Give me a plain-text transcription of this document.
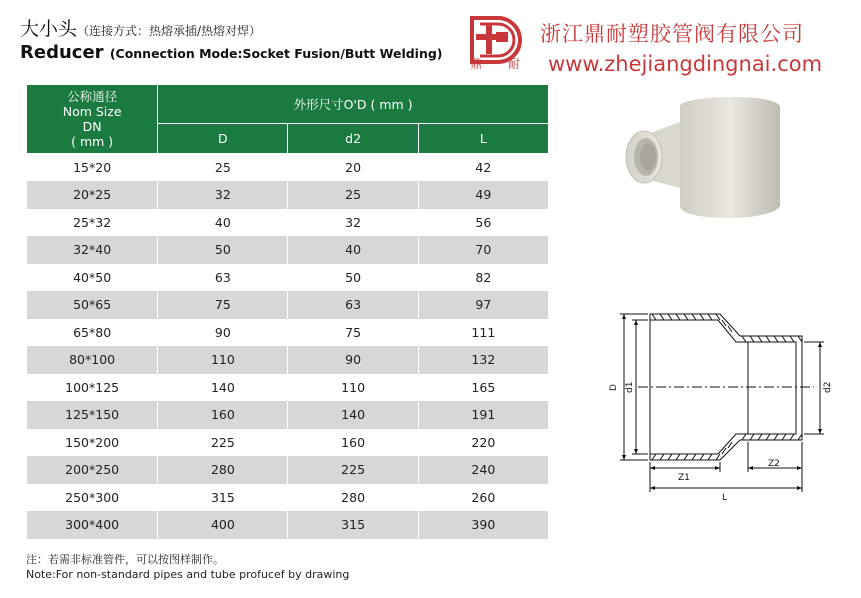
大小头（连接方式：热熔承插/热熔对焊）
Reducer (Connection Mode:Socket Fusion/Butt Welding)
鼎 耐
浙江鼎耐塑胶管阀有限公司
www.zhejiangdingnai.com
公称通径
Nom Size
DN
( mm )	外形尺寸O'D ( mm )		
	D	d2	L
15*20	25	20	42
20*25	32	25	49
25*32	40	32	56
32*40	50	40	70
40*50	63	50	82
50*65	75	63	97
65*80	90	75	111
80*100	110	90	132
100*125	140	110	165
125*150	160	140	191
150*200	225	160	220
200*250	280	225	240
250*300	315	280	260
300*400	400	315	390
注：若需非标准管件，可以按图样制作。
Note:For non-standard pipes and tube profucef by drawing
D d1	d2
Z1
Z2
L
